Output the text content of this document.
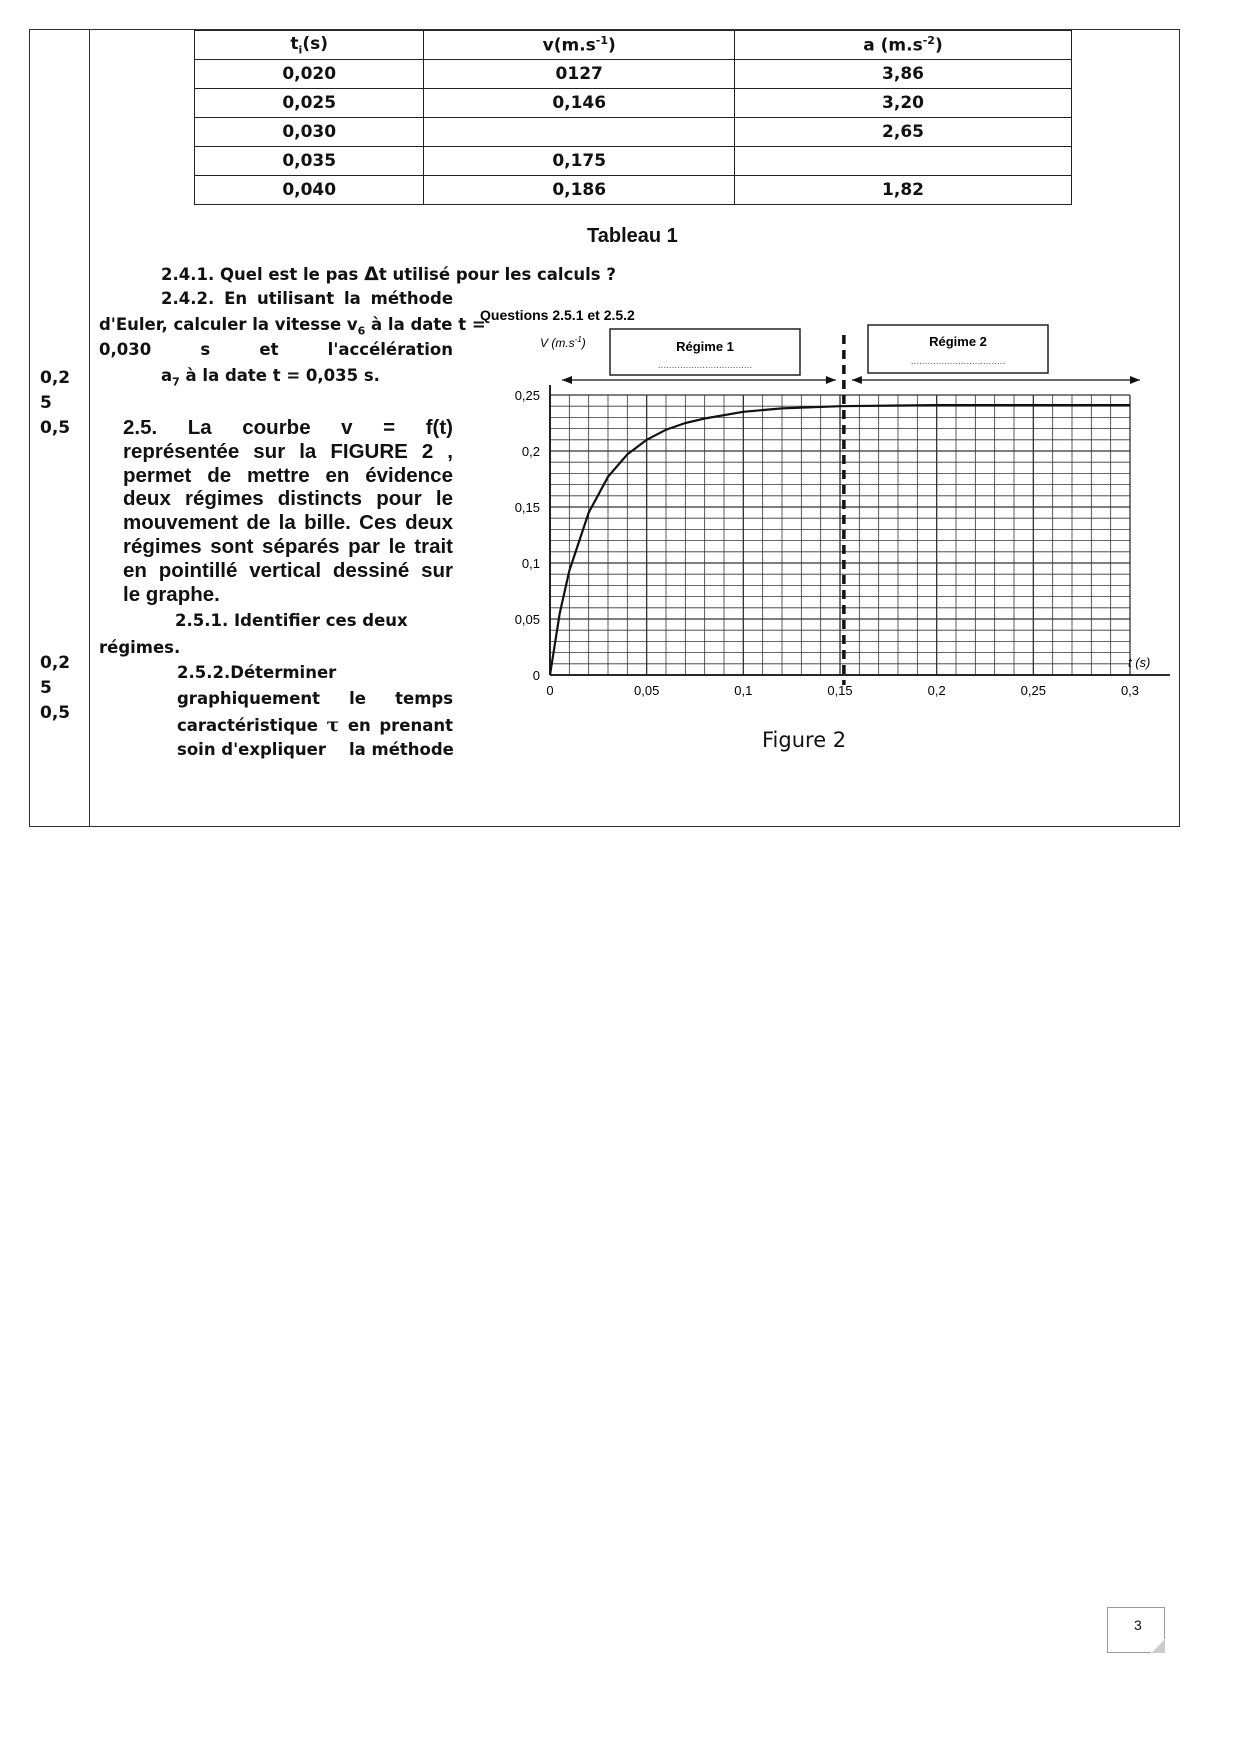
$t_i(s)$	$v(m.s^{-1})$	a $(m.s^{-2})$
0,020	0127	3,86
0,025	0,146	3,20
0,030		2,65
0,035	0,175	
0,040	0,186	1,82
Tableau 1
2.4.1. Quel est le pas Δt utilisé pour les calculs ?
2.4.2. En utilisant la méthode
d'Euler, calculer la vitesse $v_6$ à la date t =
0,030	s	et	l'accélération
$a_7$ à la date t = 0,035 s.
2.5. La courbe v = f(t)
représentée sur la FIGURE 2 ,
permet de mettre en évidence
deux régimes distincts pour le
mouvement de la bille. Ces deux
régimes sont séparés par le trait
en pointillé vertical dessiné sur
le graphe.
2.5.1. Identifier ces deux
régimes.
2.5.2.Déterminer
graphiquement le temps
caractéristique τ en prenant
soin d'expliquer    la méthode
0,2
5
0,5
0,2
5
0,5
Questions 2.5.1 et 2.5.2
V $(m.s^{-1})$	Régime 1
..................................
Régime 2
..................................
0	0,05	0,1	0,15	0,2	0,25	0,3
0
0,05
0,1
0,15
0,2
0,25
t (s)
Figure 2
3
